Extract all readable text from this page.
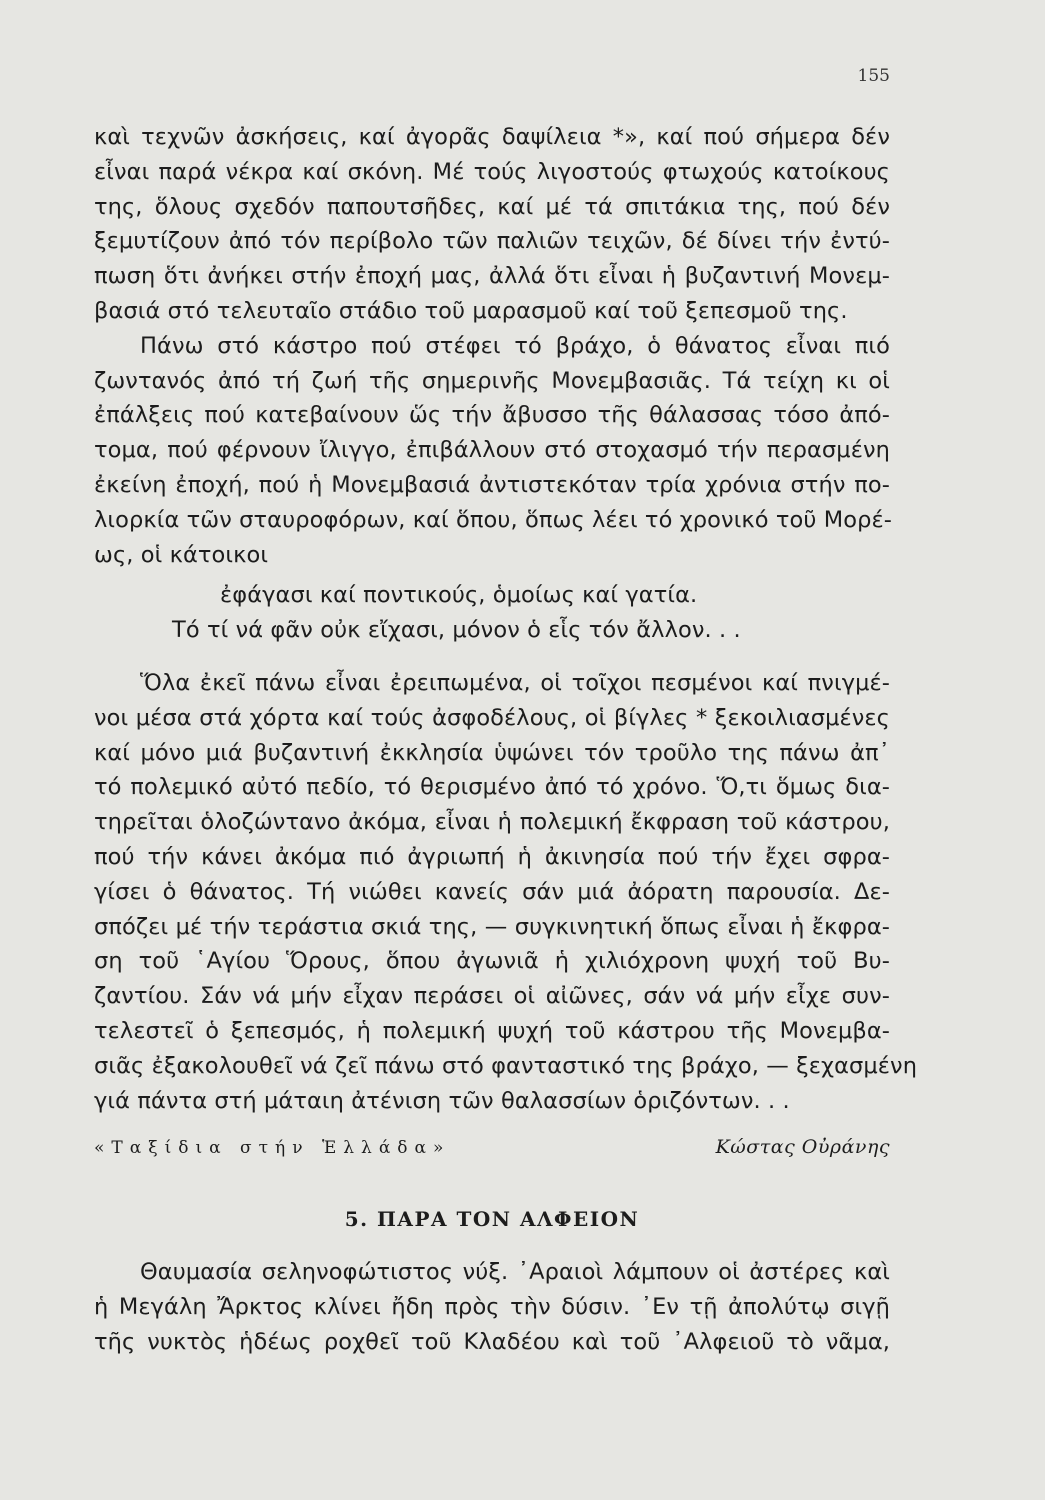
155
καὶ τεχνῶν ἀσκήσεις, καί ἀγορᾶς δαψίλεια *», καί πού σήμερα δέν
εἶναι παρά νέκρα καί σκόνη. Μέ τούς λιγοστούς φτωχούς κατοίκους
της, ὅλους σχεδόν παπουτσῆδες, καί μέ τά σπιτάκια της, πού δέν
ξεμυτίζουν ἀπό τόν περίβολο τῶν παλιῶν τειχῶν, δέ δίνει τήν ἐντύ-
πωση ὅτι ἀνήκει στήν ἐποχή μας, ἀλλά ὅτι εἶναι ἡ βυζαντινή Μονεμ-
βασιά στό τελευταῖο στάδιο τοῦ μαρασμοῦ καί τοῦ ξεπεσμοῦ της.
Πάνω στό κάστρο πού στέφει τό βράχο, ὁ θάνατος εἶναι πιό
ζωντανός ἀπό τή ζωή τῆς σημερινῆς Μονεμβασιᾶς. Τά τείχη κι οἱ
ἐπάλξεις πού κατεβαίνουν ὥς τήν ἄβυσσο τῆς θάλασσας τόσο ἀπό-
τομα, πού φέρνουν ἴλιγγο, ἐπιβάλλουν στό στοχασμό τήν περασμένη
ἐκείνη ἐποχή, πού ἡ Μονεμβασιά ἀντιστεκόταν τρία χρόνια στήν πο-
λιορκία τῶν σταυροφόρων, καί ὅπου, ὅπως λέει τό χρονικό τοῦ Μορέ-
ως, οἱ κάτοικοι
ἐφάγασι καί ποντικούς, ὁμοίως καί γατία.
Τό τί νά φᾶν οὐκ εἴχασι, μόνον ὁ εἷς τόν ἄλλον. . .
Ὅλα ἐκεῖ πάνω εἶναι ἐρειπωμένα, οἱ τοῖχοι πεσμένοι καί πνιγμέ-
νοι μέσα στά χόρτα καί τούς ἀσφοδέλους, οἱ βίγλες * ξεκοιλιασμένες
καί μόνο μιά βυζαντινή ἐκκλησία ὑψώνει τόν τροῦλο της πάνω ἀπ᾿
τό πολεμικό αὐτό πεδίο, τό θερισμένο ἀπό τό χρόνο. Ὅ,τι ὅμως δια-
τηρεῖται ὁλοζώντανο ἀκόμα, εἶναι ἡ πολεμική ἔκφραση τοῦ κάστρου,
πού τήν κάνει ἀκόμα πιό ἀγριωπή ἡ ἀκινησία πού τήν ἔχει σφρα-
γίσει ὁ θάνατος. Τή νιώθει κανείς σάν μιά ἀόρατη παρουσία. Δε-
σπόζει μέ τήν τεράστια σκιά της, — συγκινητική ὅπως εἶναι ἡ ἔκφρα-
ση τοῦ ῾Αγίου Ὅρους, ὅπου ἀγωνιᾶ ἡ χιλιόχρονη ψυχή τοῦ Βυ-
ζαντίου. Σάν νά μήν εἶχαν περάσει οἱ αἰῶνες, σάν νά μήν εἶχε συν-
τελεστεῖ ὁ ξεπεσμός, ἡ πολεμική ψυχή τοῦ κάστρου τῆς Μονεμβα-
σιᾶς ἐξακολουθεῖ νά ζεῖ πάνω στό φανταστικό της βράχο, — ξεχασμένη
γιά πάντα στή μάταιη ἀτένιση τῶν θαλασσίων ὁριζόντων. . .
«Ταξίδια στήν Ἑλλάδα»	Κώστας Οὐράνης
5. ΠΑΡΑ ΤΟΝ ΑΛΦΕΙΟΝ
Θαυμασία σεληνοφώτιστος νύξ. ᾿Αραιοὶ λάμπουν οἱ ἀστέρες καὶ
ἡ Μεγάλη Ἄρκτος κλίνει ἤδη πρὸς τὴν δύσιν. ᾿Εν τῇ ἀπολύτῳ σιγῇ
τῆς νυκτὸς ἡδέως ροχθεῖ τοῦ Κλαδέου καὶ τοῦ ᾿Αλφειοῦ τὸ νᾶμα,
